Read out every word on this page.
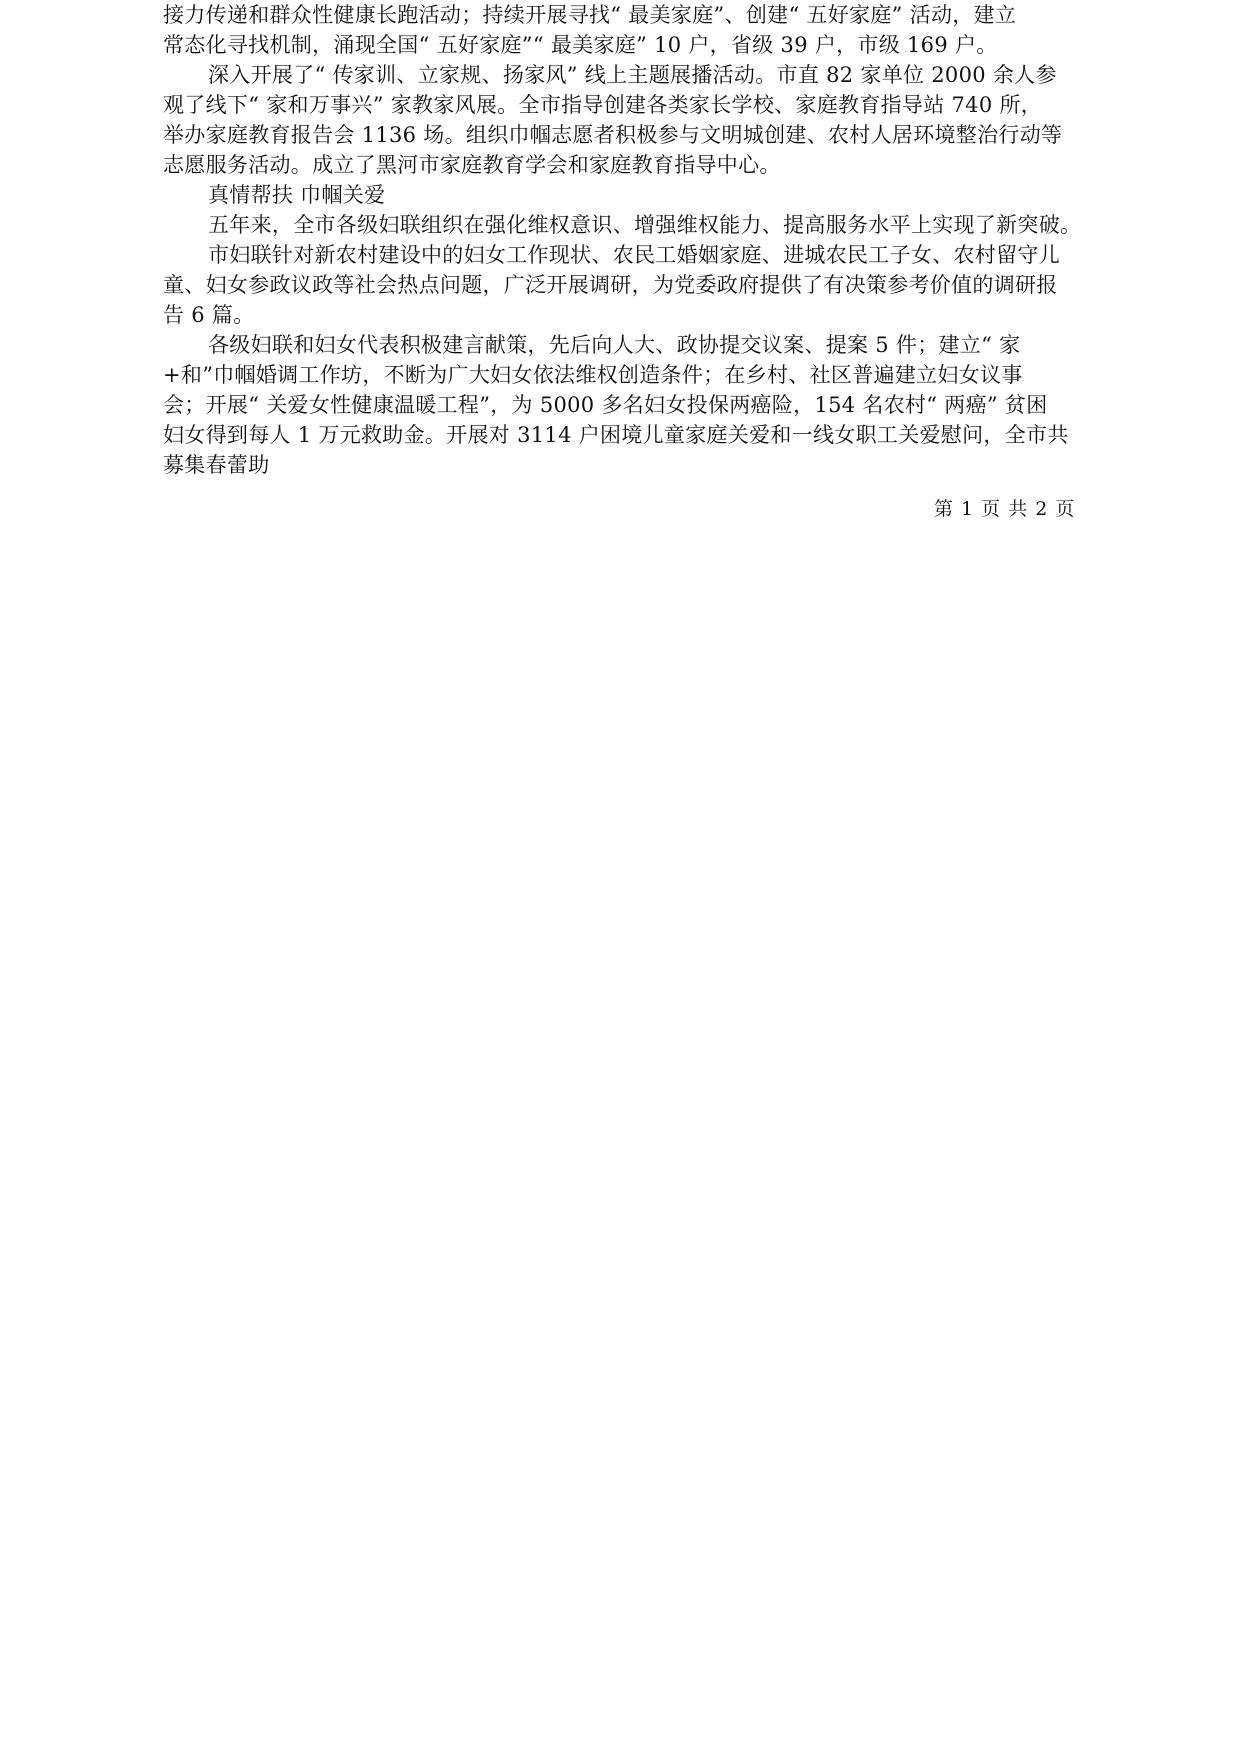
接力传递和群众性健康长跑活动；持续开展寻找“ 最美家庭”、创建“ 五好家庭” 活动，建立
常态化寻找机制，涌现全国“ 五好家庭”“ 最美家庭” 10 户，省级 39 户，市级 169 户。
深入开展了“ 传家训、立家规、扬家风” 线上主题展播活动。市直 82 家单位 2000 余人参
观了线下“ 家和万事兴” 家教家风展。全市指导创建各类家长学校、家庭教育指导站 740 所，
举办家庭教育报告会 1136 场。组织巾帼志愿者积极参与文明城创建、农村人居环境整治行动等
志愿服务活动。成立了黑河市家庭教育学会和家庭教育指导中心。
真情帮扶 巾帼关爱
五年来，全市各级妇联组织在强化维权意识、增强维权能力、提高服务水平上实现了新突破。
市妇联针对新农村建设中的妇女工作现状、农民工婚姻家庭、进城农民工子女、农村留守儿
童、妇女参政议政等社会热点问题，广泛开展调研，为党委政府提供了有决策参考价值的调研报
告 6 篇。
各级妇联和妇女代表积极建言献策，先后向人大、政协提交议案、提案 5 件；建立“ 家
+和”巾帼婚调工作坊，不断为广大妇女依法维权创造条件；在乡村、社区普遍建立妇女议事
会；开展“ 关爱女性健康温暖工程”，为 5000 多名妇女投保两癌险，154 名农村“ 两癌” 贫困
妇女得到每人 1 万元救助金。开展对 3114 户困境儿童家庭关爱和一线女职工关爱慰问，全市共
募集春蕾助
第 1 页 共 2 页
